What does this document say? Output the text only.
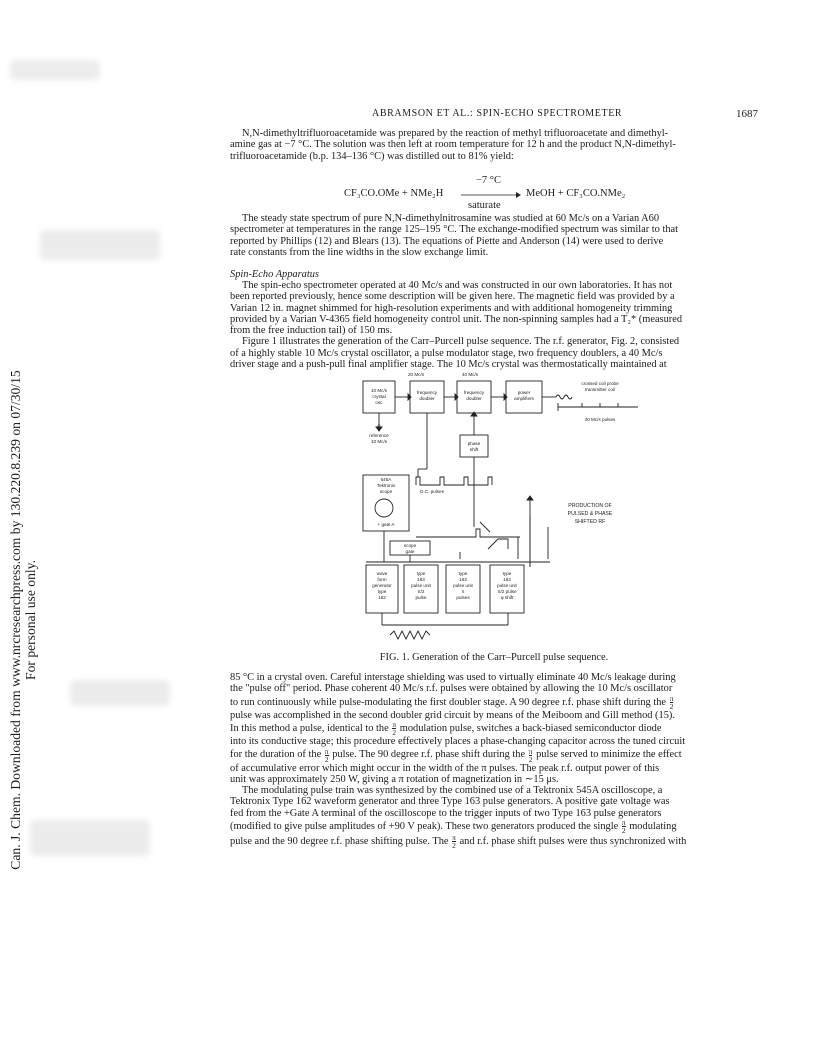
Can. J. Chem. Downloaded from www.nrcresearchpress.com by 130.220.8.239 on 07/30/15 For personal use only.
ABRAMSON ET AL.: SPIN-ECHO SPECTROMETER	1687
N,N-dimethyltrifluoroacetamide was prepared by the reaction of methyl trifluoroacetate and dimethyl-
amine gas at −7 °C. The solution was then left at room temperature for 12 h and the product N,N-dimethyl-
trifluoroacetamide (b.p. 134–136 °C) was distilled out to 81% yield:
CF₃CO.OMe + NMe₂H
−7 °C
saturate
MeOH + CF₃CO.NMe₂
The steady state spectrum of pure N,N-dimethylnitrosamine was studied at 60 Mc/s on a Varian A60
spectrometer at temperatures in the range 125–195 °C. The exchange-modified spectrum was similar to that
reported by Phillips (12) and Blears (13). The equations of Piette and Anderson (14) were used to derive
rate constants from the line widths in the slow exchange limit.
Spin-Echo Apparatus
The spin-echo spectrometer operated at 40 Mc/s and was constructed in our own laboratories. It has not
been reported previously, hence some description will be given here. The magnetic field was provided by a
Varian 12 in. magnet shimmed for high-resolution experiments and with additional homogeneity trimming
provided by a Varian V-4365 field homogeneity control unit. The non-spinning samples had a T₂* (measured
from the free induction tail) of 150 ms.
Figure 1 illustrates the generation of the Carr–Purcell pulse sequence. The r.f. generator, Fig. 2, consisted
of a highly stable 10 Mc/s crystal oscillator, a pulse modulator stage, two frequency doublers, a 40 Mc/s
driver stage and a push-pull final amplifier stage. The 10 Mc/s crystal was thermostatically maintained at
20 Mc/s	40 Mc/s
10 Mc/s
crystal
osc
frequency
doubler
frequency
doubler
power
amplifiers
crossed coil probe
transmitter coil
40 Mc/s pulses
φ
reference
10 Mc/s	phase
shift
545A
Tektronix
scope
+ gate A
D.C. pulses
PRODUCTION OF
PULSED & PHASE
SHIFTED RF
scope
gate
wave
form
generator
type
162
type
163
pulse unit
π/2
pulse
type
163
pulse unit
π
pulses
type
163
pulse unit
π/2 pulse
φ shift
FIG. 1. Generation of the Carr–Purcell pulse sequence.
85 °C in a crystal oven. Careful interstage shielding was used to virtually eliminate 40 Mc/s leakage during
the "pulse off" period. Phase coherent 40 Mc/s r.f. pulses were obtained by allowing the 10 Mc/s oscillator
to run continuously while pulse-modulating the first doubler stage. A 90 degree r.f. phase shift during the $\frac{\pi}{2}$
pulse was accomplished in the second doubler grid circuit by means of the Meiboom and Gill method (15).
In this method a pulse, identical to the $\frac{\pi}{2}$ modulation pulse, switches a back-biased semiconductor diode
into its conductive stage; this procedure effectively places a phase-changing capacitor across the tuned circuit
for the duration of the $\frac{\pi}{2}$ pulse. The 90 degree r.f. phase shift during the $\frac{\pi}{2}$ pulse served to minimize the effect
of accumulative error which might occur in the width of the π pulses. The peak r.f. output power of this
unit was approximately 250 W, giving a π rotation of magnetization in ∼15 μs.
The modulating pulse train was synthesized by the combined use of a Tektronix 545A oscilloscope, a
Tektronix Type 162 waveform generator and three Type 163 pulse generators. A positive gate voltage was
fed from the +Gate A terminal of the oscilloscope to the trigger inputs of two Type 163 pulse generators
(modified to give pulse amplitudes of +90 V peak). These two generators produced the single $\frac{\pi}{2}$ modulating
pulse and the 90 degree r.f. phase shifting pulse. The $\frac{\pi}{2}$ and r.f. phase shift pulses were thus synchronized with
